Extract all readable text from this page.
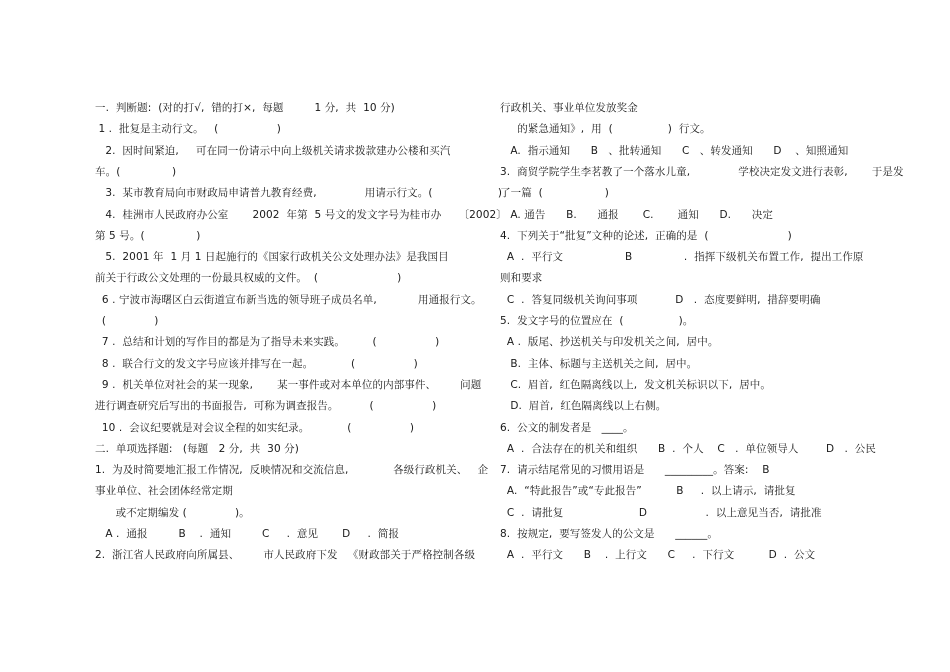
一.  判断题:  (对的打√,  错的打×,  每题         1 分,  共  10 分)
1 .  批复是主动行文。   (                 )
2.  因时间紧迫,     可在同一份请示中向上级机关请求拨款建办公楼和买汽
车。(               )
3.  某市教育局向市财政局申请普九教育经费,              用请示行文。(                   )
4.  桂洲市人民政府办公室       2002  年第  5 号文的发文字号为桂市办     〔2002〕
第 5 号。(               )
5.  2001 年  1 月 1 日起施行的《国家行政机关公文处理办法》是我国目
前关于行政公文处理的一份最具权威的文件。  (                       )
6 . 宁波市海曙区白云街道宣布新当选的领导班子成员名单,            用通报行文。
(              )
7 .  总结和计划的写作目的都是为了指导未来实践。        (                 )
8 .  联合行文的发文字号应该并排写在一起。           (                 )
9 .  机关单位对社会的某一现象,       某一事件或对本单位的内部事件、       问题
进行调查研究后写出的书面报告,  可称为调查报告。         (                 )
10 .  会议纪要就是对会议全程的如实纪录。           (                 )
二.  单项选择题:   (每题   2 分,  共  30 分)
1.  为及时简要地汇报工作情况,  反映情况和交流信息,             各级行政机关、   企
事业单位、社会团体经常定期
或不定期编发 (              )。
A .  通报         B    .  通知         C     .  意见       D     .  简报
2.  浙江省人民政府向所属县、       市人民政府下发   《财政部关于严格控制各级
行政机关、事业单位发放奖金
的紧急通知》,  用  (                )  行文。
A.  指示通知      B   、批转通知      C   、转发通知      D    、知照通知
3.  商贸学院学生李茗教了一个落水儿童,              学校决定发文进行表彰,       于是发
了一篇  (                  )
A. 通告      B.      通报       C.       通知      D.      决定
4.  下列关于“批复”文种的论述,  正确的是  (                       )
A  .  平行文                  B               .  指挥下级机关布置工作,  提出工作原
则和要求
C  .  答复同级机关询问事项           D   .  态度要鲜明,  措辞要明确
5.  发文字号的位置应在  (                )。
A .  版尾、抄送机关与印发机关之间,  居中。
B.  主体、标题与主送机关之间,  居中。
C.  眉首,  红色隔离线以上,  发文机关标识以下,  居中。
D.  眉首,  红色隔离线以上右侧。
6.  公文的制发者是   ____。
A  .  合法存在的机关和组织      B  .  个人    C   .  单位领导人        D   .  公民
7.  请示结尾常见的习惯用语是      _________。答案:    B
A.  “特此报告”或“专此报告”          B     .  以上请示,  请批复
C  .  请批复                      D                 .  以上意见当否,  请批准
8.  按规定,  要写签发人的公文是      ______。
A  .  平行文      B    .  上行文      C     .  下行文          D  .  公文
